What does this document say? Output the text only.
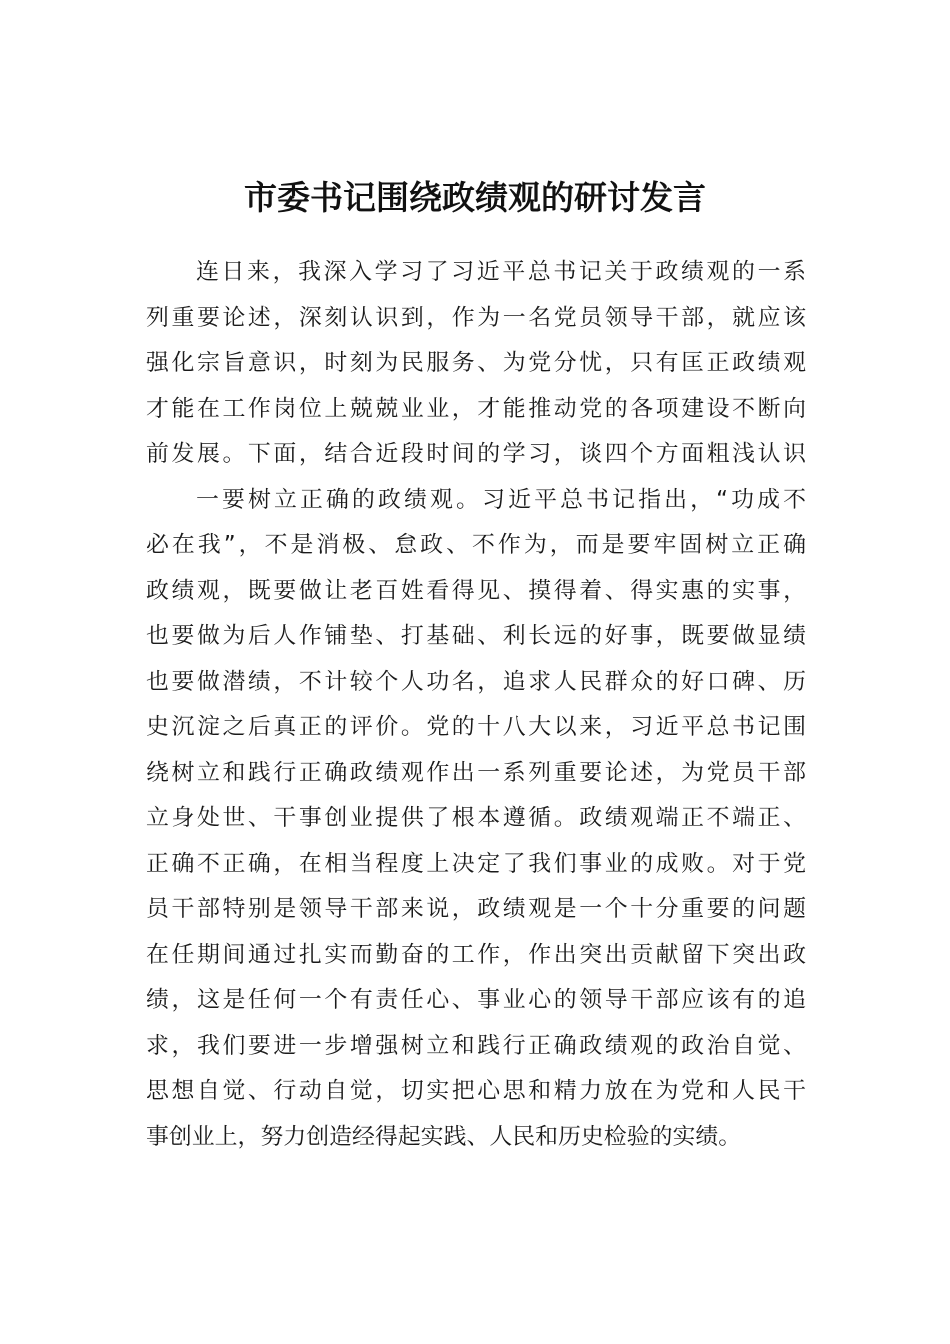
市委书记围绕政绩观的研讨发言
连日来，我深入学习了习近平总书记关于政绩观的一系
列重要论述，深刻认识到，作为一名党员领导干部，就应该
强化宗旨意识，时刻为民服务、为党分忧，只有匡正政绩观
才能在工作岗位上兢兢业业，才能推动党的各项建设不断向
前发展。下面，结合近段时间的学习，谈四个方面粗浅认识
一要树立正确的政绩观。习近平总书记指出，“功成不
必在我”，不是消极、怠政、不作为，而是要牢固树立正确
政绩观，既要做让老百姓看得见、摸得着、得实惠的实事，
也要做为后人作铺垫、打基础、利长远的好事，既要做显绩
也要做潜绩，不计较个人功名，追求人民群众的好口碑、历
史沉淀之后真正的评价。党的十八大以来，习近平总书记围
绕树立和践行正确政绩观作出一系列重要论述，为党员干部
立身处世、干事创业提供了根本遵循。政绩观端正不端正、
正确不正确，在相当程度上决定了我们事业的成败。对于党
员干部特别是领导干部来说，政绩观是一个十分重要的问题
在任期间通过扎实而勤奋的工作，作出突出贡献留下突出政
绩，这是任何一个有责任心、事业心的领导干部应该有的追
求，我们要进一步增强树立和践行正确政绩观的政治自觉、
思想自觉、行动自觉，切实把心思和精力放在为党和人民干
事创业上，努力创造经得起实践、人民和历史检验的实绩。
